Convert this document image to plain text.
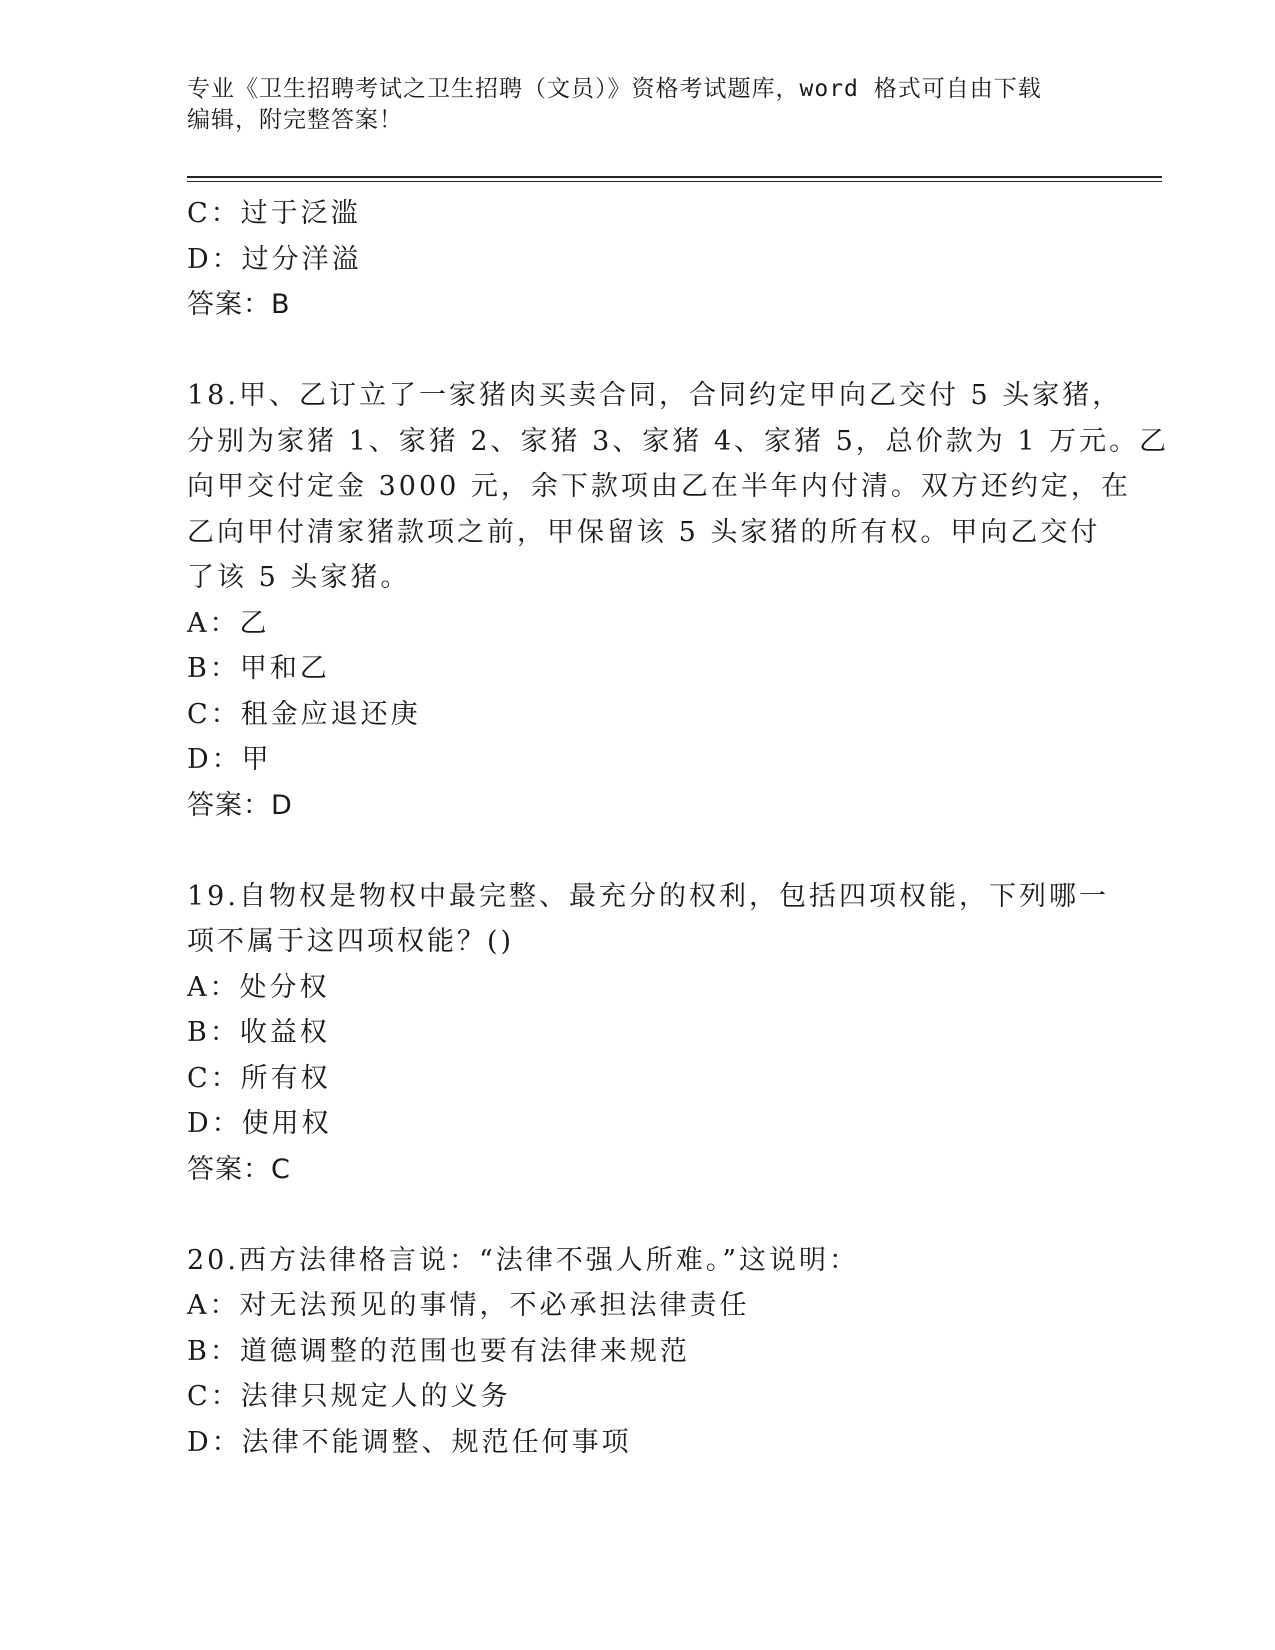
专业《卫生招聘考试之卫生招聘（文员）》资格考试题库，word 格式可自由下载
编辑，附完整答案！
C：过于泛滥
D：过分洋溢
答案：B
18.甲、乙订立了一家猪肉买卖合同，合同约定甲向乙交付 5 头家猪，
分别为家猪 1、家猪 2、家猪 3、家猪 4、家猪 5，总价款为 1 万元。乙
向甲交付定金 3000 元，余下款项由乙在半年内付清。双方还约定，在
乙向甲付清家猪款项之前，甲保留该 5 头家猪的所有权。甲向乙交付
了该 5 头家猪。
A：乙
B：甲和乙
C：租金应退还庚
D：甲
答案：D
19.自物权是物权中最完整、最充分的权利，包括四项权能，下列哪一
项不属于这四项权能？()
A：处分权
B：收益权
C：所有权
D：使用权
答案：C
20.西方法律格言说：“法律不强人所难。”这说明：
A：对无法预见的事情，不必承担法律责任
B：道德调整的范围也要有法律来规范
C：法律只规定人的义务
D：法律不能调整、规范任何事项
